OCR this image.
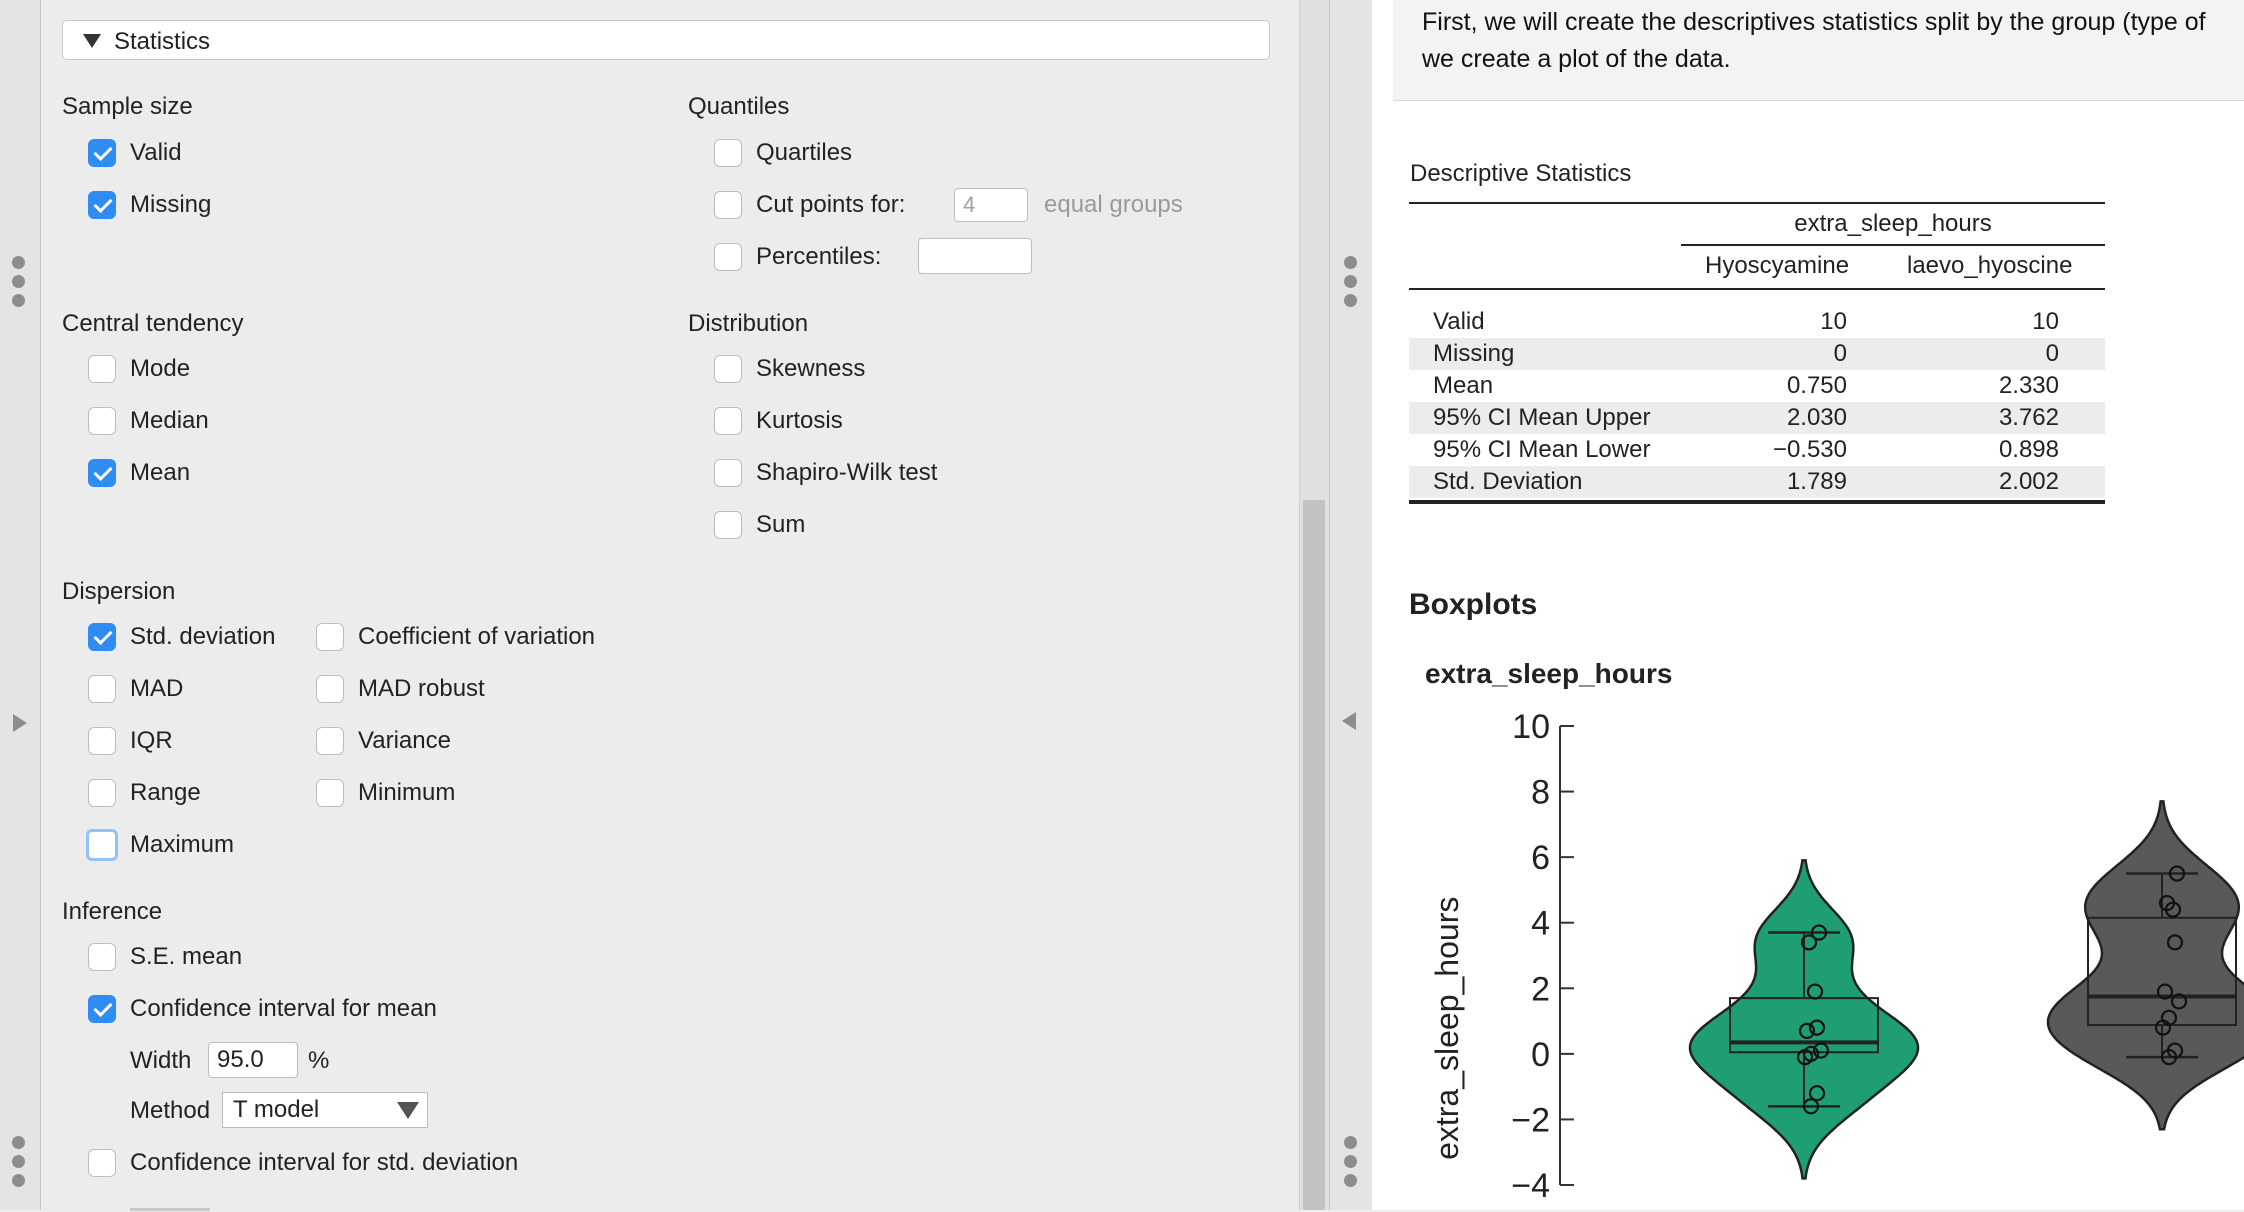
Statistics
Sample size
Valid
Missing
Quantiles
Quartiles
Cut points for:	4	equal groups
Percentiles:
Central tendency
Mode
Median
Mean
Distribution
Skewness
Kurtosis
Shapiro-Wilk test
Sum
Dispersion
Std. deviation	Coefficient of variation
MAD	MAD robust
IQR	Variance
Range	Minimum
Maximum
Inference
S.E. mean
Confidence interval for mean
Width	95.0	%
Method T model
Confidence interval for std. deviation

First, we will create the descriptives statistics split by the group (type of we create a plot of the data.
Descriptive Statistics
extra_sleep_hours
Hyoscyamine laevo_hyoscine
Valid	10	10
Missing	0	0
Mean	0.750	2.330
95% CI Mean Upper	2.030	3.762
95% CI Mean Lower	−0.530	0.898
Std. Deviation	1.789	2.002
Boxplots
extra_sleep_hours
10
8
6
4
2
0
−2
−4
extra_sleep_hours
